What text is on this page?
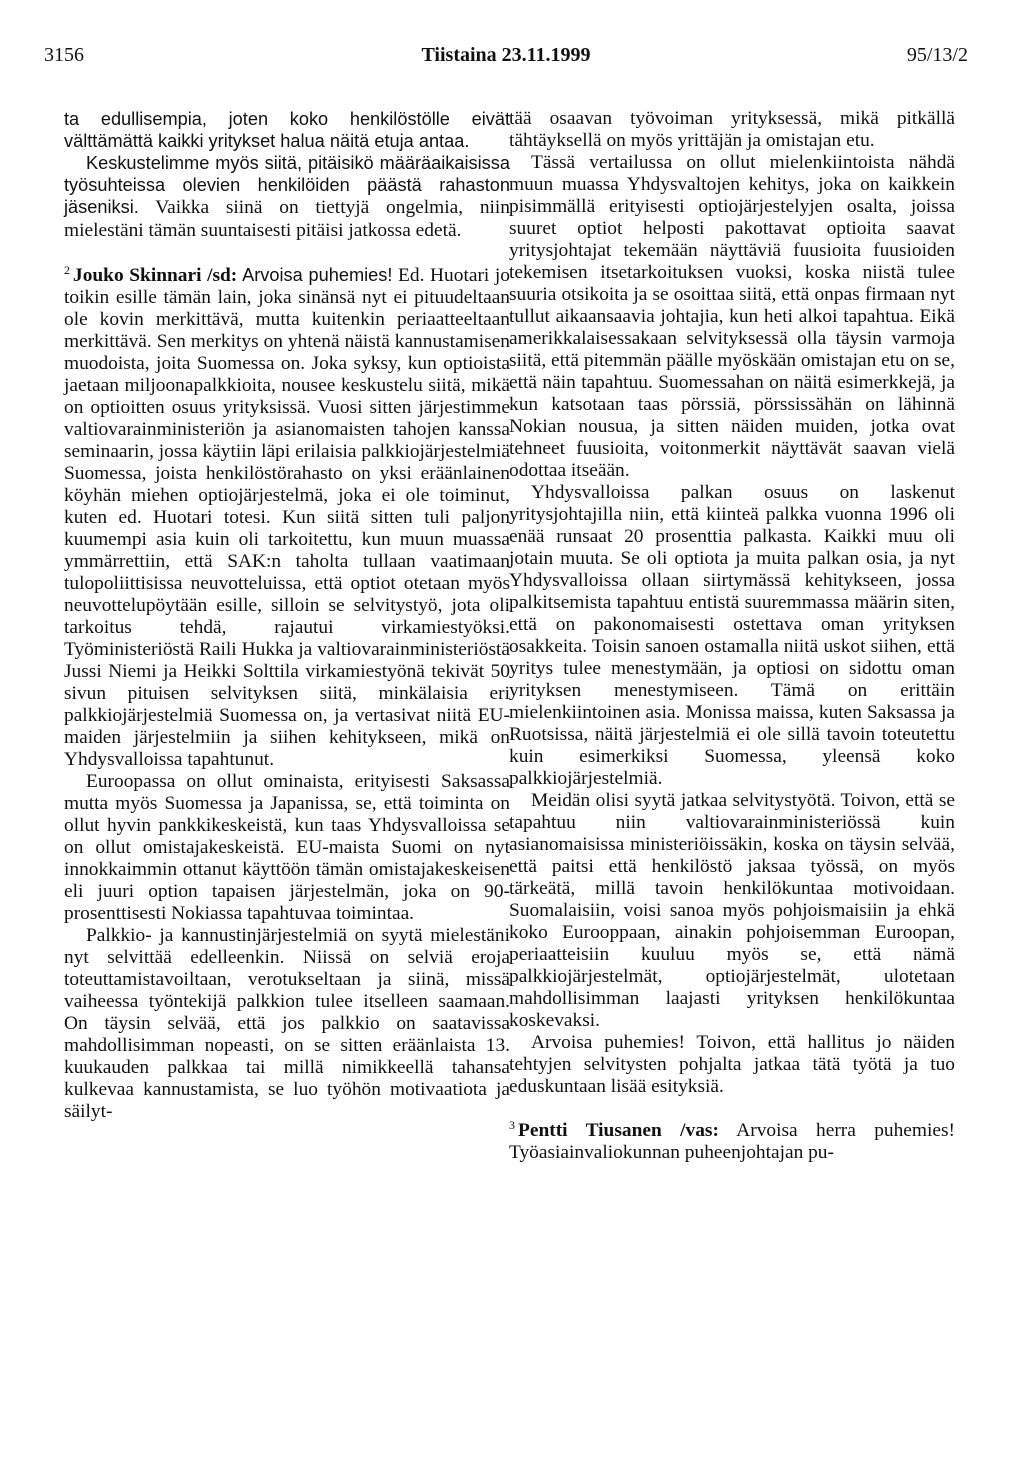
3156	Tiistaina 23.11.1999	95/13/2

ta edullisempia, joten koko henkilöstölle eivät välttämättä kaikki yritykset halua näitä etuja antaa.

Keskustelimme myös siitä, pitäisikö määräaikaisissa työsuhteissa olevien henkilöiden päästä rahaston jäseniksi. Vaikka siinä on tiettyjä ongelmia, niin mielestäni tämän suuntaisesti pitäisi jatkossa edetä.

$^2$ Jouko Skinnari /sd: Arvoisa puhemies! Ed. Huotari jo toikin esille tämän lain, joka sinänsä nyt ei pituudeltaan ole kovin merkittävä, mutta kuitenkin periaatteeltaan merkittävä. Sen merkitys on yhtenä näistä kannustamisen muodoista, joita Suomessa on. Joka syksy, kun optioista jaetaan miljoonapalkkioita, nousee keskustelu siitä, mikä on optioitten osuus yrityksissä. Vuosi sitten järjestimme valtiovarainministeriön ja asianomaisten tahojen kanssa seminaarin, jossa käytiin läpi erilaisia palkkiojärjestelmiä Suomessa, joista henkilöstörahasto on yksi eräänlainen köyhän miehen optiojärjestelmä, joka ei ole toiminut, kuten ed. Huotari totesi. Kun siitä sitten tuli paljon kuumempi asia kuin oli tarkoitettu, kun muun muassa ymmärrettiin, että SAK:n taholta tullaan vaatimaan tulopoliittisissa neuvotteluissa, että optiot otetaan myös neuvottelupöytään esille, silloin se selvitystyö, jota oli tarkoitus tehdä, rajautui virkamiestyöksi. Työministeriöstä Raili Hukka ja valtiovarainministeriöstä Jussi Niemi ja Heikki Solttila virkamiestyönä tekivät 50 sivun pituisen selvityksen siitä, minkälaisia eri palkkiojärjestelmiä Suomessa on, ja vertasivat niitä EU-maiden järjestelmiin ja siihen kehitykseen, mikä on Yhdysvalloissa tapahtunut.

Euroopassa on ollut ominaista, erityisesti Saksassa mutta myös Suomessa ja Japanissa, se, että toiminta on ollut hyvin pankkikeskeistä, kun taas Yhdysvalloissa se on ollut omistajakeskeistä. EU-maista Suomi on nyt innokkaimmin ottanut käyttöön tämän omistajakeskeisen eli juuri option tapaisen järjestelmän, joka on 90-prosenttisesti Nokiassa tapahtuvaa toimintaa.

Palkkio- ja kannustinjärjestelmiä on syytä mielestäni nyt selvittää edelleenkin. Niissä on selviä eroja toteuttamistavoiltaan, verotukseltaan ja siinä, missä vaiheessa työntekijä palkkion tulee itselleen saamaan. On täysin selvää, että jos palkkio on saatavissa mahdollisimman nopeasti, on se sitten eräänlaista 13. kuukauden palkkaa tai millä nimikkeellä tahansa kulkevaa kannustamista, se luo työhön motivaatiota ja säilyt-

tää osaavan työvoiman yrityksessä, mikä pitkällä tähtäyksellä on myös yrittäjän ja omistajan etu.

Tässä vertailussa on ollut mielenkiintoista nähdä muun muassa Yhdysvaltojen kehitys, joka on kaikkein pisimmällä erityisesti optiojärjestelyjen osalta, joissa suuret optiot helposti pakottavat optioita saavat yritysjohtajat tekemään näyttäviä fuusioita fuusioiden tekemisen itsetarkoituksen vuoksi, koska niistä tulee suuria otsikoita ja se osoittaa siitä, että onpas firmaan nyt tullut aikaansaavia johtajia, kun heti alkoi tapahtua. Eikä amerikkalaisessakaan selvityksessä olla täysin varmoja siitä, että pitemmän päälle myöskään omistajan etu on se, että näin tapahtuu. Suomessahan on näitä esimerkkejä, ja kun katsotaan taas pörssiä, pörssissähän on lähinnä Nokian nousua, ja sitten näiden muiden, jotka ovat tehneet fuusioita, voitonmerkit näyttävät saavan vielä odottaa itseään.

Yhdysvalloissa palkan osuus on laskenut yritysjohtajilla niin, että kiinteä palkka vuonna 1996 oli enää runsaat 20 prosenttia palkasta. Kaikki muu oli jotain muuta. Se oli optiota ja muita palkan osia, ja nyt Yhdysvalloissa ollaan siirtymässä kehitykseen, jossa palkitsemista tapahtuu entistä suuremmassa määrin siten, että on pakonomaisesti ostettava oman yrityksen osakkeita. Toisin sanoen ostamalla niitä uskot siihen, että yritys tulee menestymään, ja optiosi on sidottu oman yrityksen menestymiseen. Tämä on erittäin mielenkiintoinen asia. Monissa maissa, kuten Saksassa ja Ruotsissa, näitä järjestelmiä ei ole sillä tavoin toteutettu kuin esimerkiksi Suomessa, yleensä koko palkkiojärjestelmiä.

Meidän olisi syytä jatkaa selvitystyötä. Toivon, että se tapahtuu niin valtiovarainministeriössä kuin asianomaisissa ministeriöissäkin, koska on täysin selvää, että paitsi että henkilöstö jaksaa työssä, on myös tärkeätä, millä tavoin henkilökuntaa motivoidaan. Suomalaisiin, voisi sanoa myös pohjoismaisiin ja ehkä koko Eurooppaan, ainakin pohjoisemman Euroopan, periaatteisiin kuuluu myös se, että nämä palkkiojärjestelmät, optiojärjestelmät, ulotetaan mahdollisimman laajasti yrityksen henkilökuntaa koskevaksi.

Arvoisa puhemies! Toivon, että hallitus jo näiden tehtyjen selvitysten pohjalta jatkaa tätä työtä ja tuo eduskuntaan lisää esityksiä.

$^3$ Pentti Tiusanen /vas: Arvoisa herra puhemies! Työasiainvaliokunnan puheenjohtajan pu-
